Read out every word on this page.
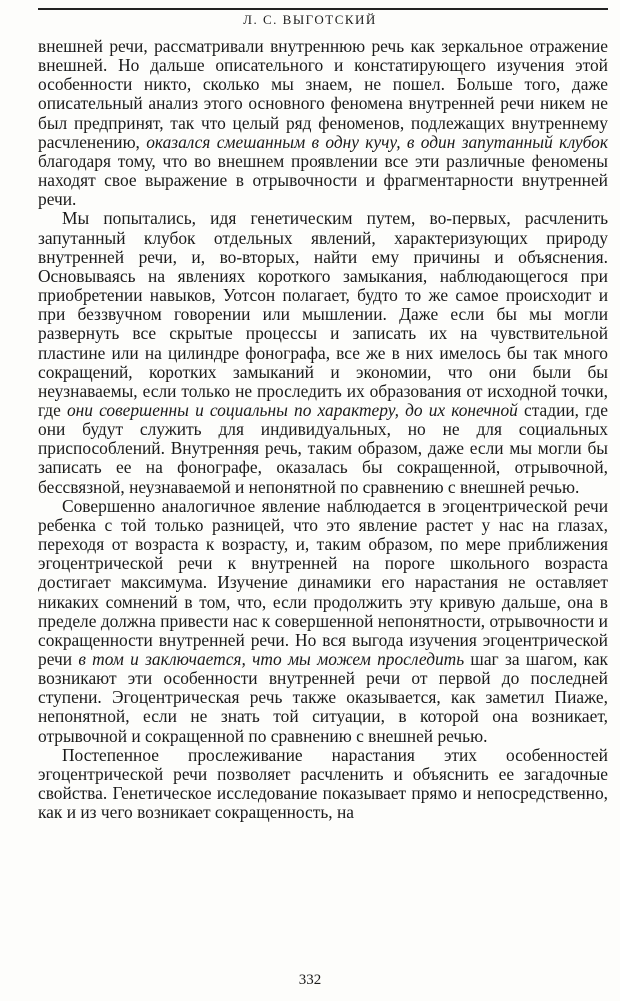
Л. С. ВЫГОТСКИЙ

внешней речи, рассматривали внутреннюю речь как зеркальное отражение внешней. Но дальше описательного и констатирующего изучения этой особенности никто, сколько мы знаем, не пошел. Больше того, даже описательный анализ этого основного феномена внутренней речи никем не был предпринят, так что целый ряд феноменов, подлежащих внутреннему расчленению, оказался смешанным в одну кучу, в один запутанный клубок благодаря тому, что во внешнем проявлении все эти различные феномены находят свое выражение в отрывочности и фрагментарности внутренней речи.

Мы попытались, идя генетическим путем, во-первых, расчленить запутанный клубок отдельных явлений, характеризующих природу внутренней речи, и, во-вторых, найти ему причины и объяснения. Основываясь на явлениях короткого замыкания, наблюдающегося при приобретении навыков, Уотсон полагает, будто то же самое происходит и при беззвучном говорении или мышлении. Даже если бы мы могли развернуть все скрытые процессы и записать их на чувствительной пластине или на цилиндре фонографа, все же в них имелось бы так много сокращений, коротких замыканий и экономии, что они были бы неузнаваемы, если только не проследить их образования от исходной точки, где они совершенны и социальны по характеру, до их конечной стадии, где они будут служить для индивидуальных, но не для социальных приспособлений. Внутренняя речь, таким образом, даже если мы могли бы записать ее на фонографе, оказалась бы сокращенной, отрывочной, бессвязной, неузнаваемой и непонятной по сравнению с внешней речью.

Совершенно аналогичное явление наблюдается в эгоцентрической речи ребенка с той только разницей, что это явление растет у нас на глазах, переходя от возраста к возрасту, и, таким образом, по мере приближения эгоцентрической речи к внутренней на пороге школьного возраста достигает максимума. Изучение динамики его нарастания не оставляет никаких сомнений в том, что, если продолжить эту кривую дальше, она в пределе должна привести нас к совершенной непонятности, отрывочности и сокращенности внутренней речи. Но вся выгода изучения эгоцентрической речи в том и заключается, что мы можем проследить шаг за шагом, как возникают эти особенности внутренней речи от первой до последней ступени. Эгоцентрическая речь также оказывается, как заметил Пиаже, непонятной, если не знать той ситуации, в которой она возникает, отрывочной и сокращенной по сравнению с внешней речью.

Постепенное прослеживание нарастания этих особенностей эгоцентрической речи позволяет расчленить и объяснить ее загадочные свойства. Генетическое исследование показывает прямо и непосредственно, как и из чего возникает сокращенность, на

332
